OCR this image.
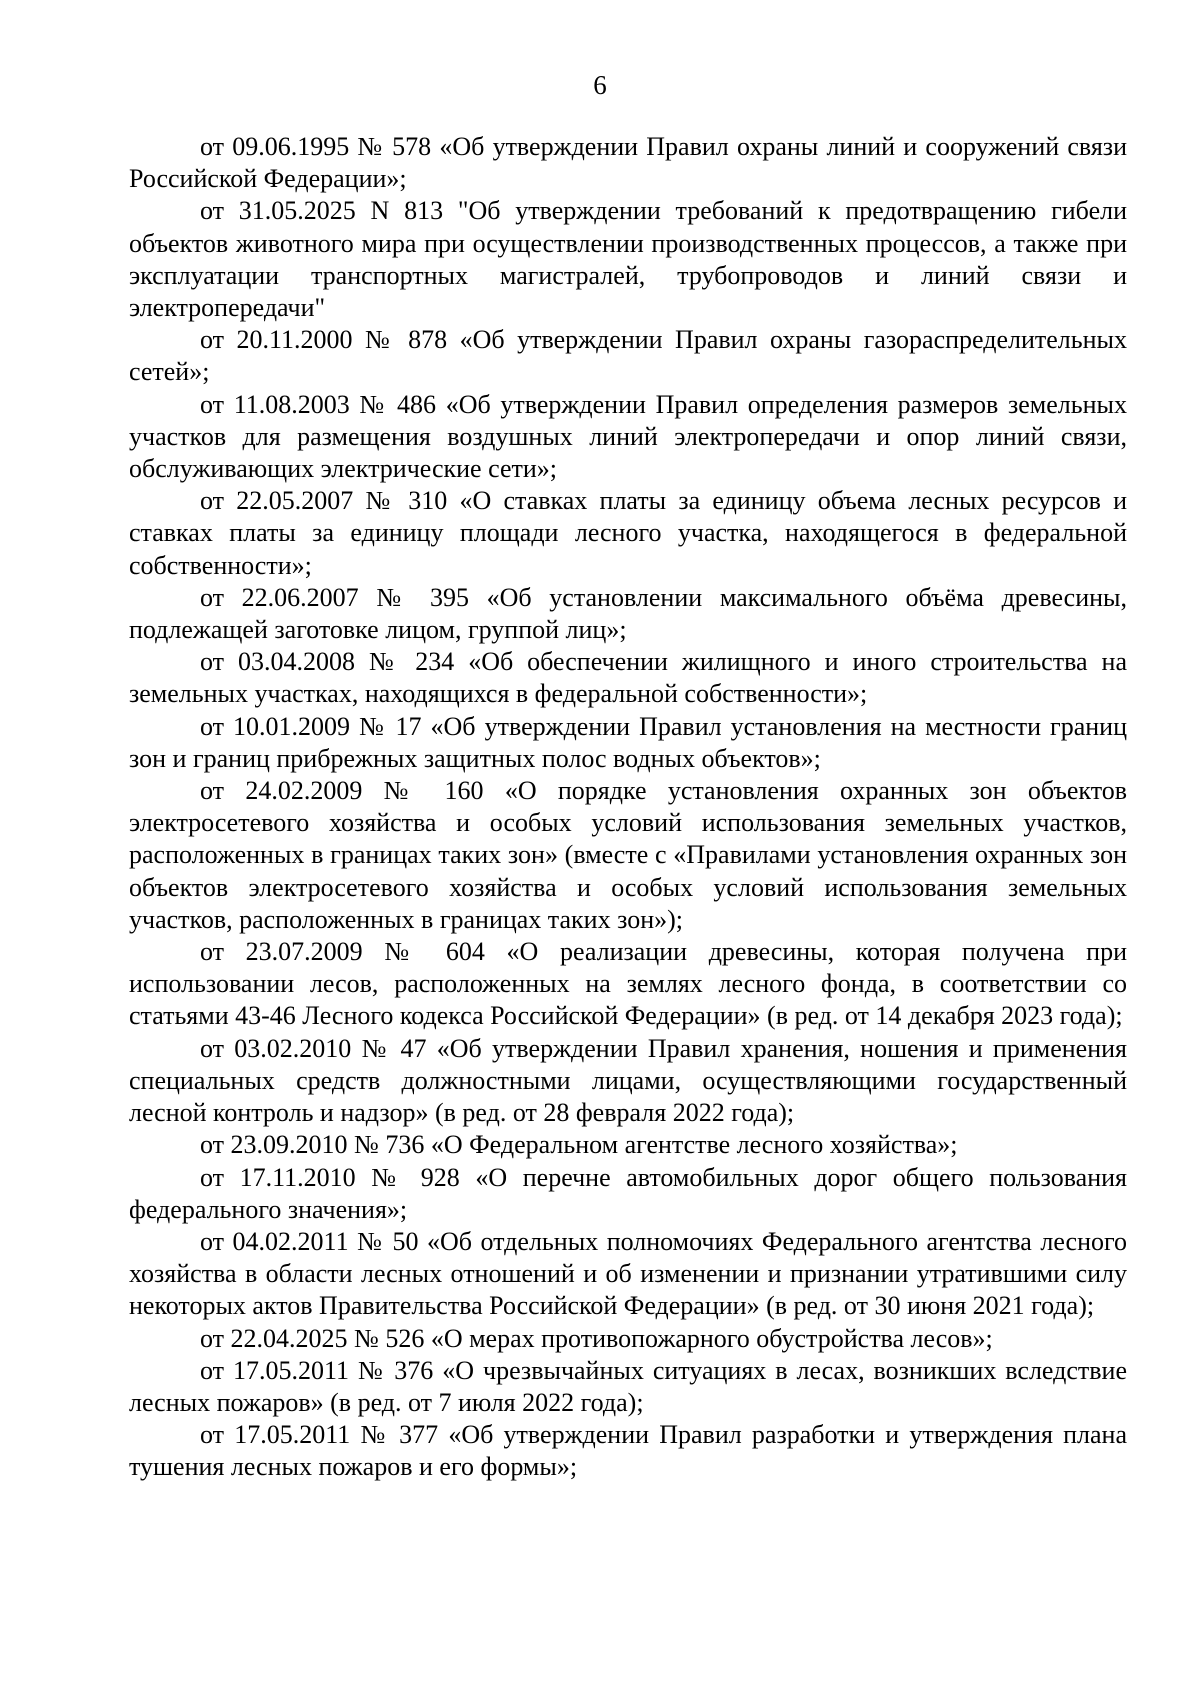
6

от 09.06.1995 № 578 «Об утверждении Правил охраны линий и сооружений связи Российской Федерации»;

от 31.05.2025 N 813 "Об утверждении требований к предотвращению гибели объектов животного мира при осуществлении производственных процессов, а также при эксплуатации транспортных магистралей, трубопроводов и линий связи и электропередачи"

от 20.11.2000 № 878 «Об утверждении Правил охраны газораспределительных сетей»;

от 11.08.2003 № 486 «Об утверждении Правил определения размеров земельных участков для размещения воздушных линий электропередачи и опор линий связи, обслуживающих электрические сети»;

от 22.05.2007 № 310 «О ставках платы за единицу объема лесных ресурсов и ставках платы за единицу площади лесного участка, находящегося в федеральной собственности»;

от 22.06.2007 № 395 «Об установлении максимального объёма древесины, подлежащей заготовке лицом, группой лиц»;

от 03.04.2008 № 234 «Об обеспечении жилищного и иного строительства на земельных участках, находящихся в федеральной собственности»;

от 10.01.2009 № 17 «Об утверждении Правил установления на местности границ зон и границ прибрежных защитных полос водных объектов»;

от 24.02.2009 № 160 «О порядке установления охранных зон объектов электросетевого хозяйства и особых условий использования земельных участков, расположенных в границах таких зон» (вместе с «Правилами установления охранных зон объектов электросетевого хозяйства и особых условий использования земельных участков, расположенных в границах таких зон»);

от 23.07.2009 № 604 «О реализации древесины, которая получена при использовании лесов, расположенных на землях лесного фонда, в соответствии со статьями 43-46 Лесного кодекса Российской Федерации» (в ред. от 14 декабря 2023 года);

от 03.02.2010 № 47 «Об утверждении Правил хранения, ношения и применения специальных средств должностными лицами, осуществляющими государственный лесной контроль и надзор» (в ред. от 28 февраля 2022 года);

от 23.09.2010 № 736 «О Федеральном агентстве лесного хозяйства»;

от 17.11.2010 № 928 «О перечне автомобильных дорог общего пользования федерального значения»;

от 04.02.2011 № 50 «Об отдельных полномочиях Федерального агентства лесного хозяйства в области лесных отношений и об изменении и признании утратившими силу некоторых актов Правительства Российской Федерации» (в ред. от 30 июня 2021 года);

от 22.04.2025 № 526 «О мерах противопожарного обустройства лесов»;

от 17.05.2011 № 376 «О чрезвычайных ситуациях в лесах, возникших вследствие лесных пожаров» (в ред. от 7 июля 2022 года);

от 17.05.2011 № 377 «Об утверждении Правил разработки и утверждения плана тушения лесных пожаров и его формы»;
